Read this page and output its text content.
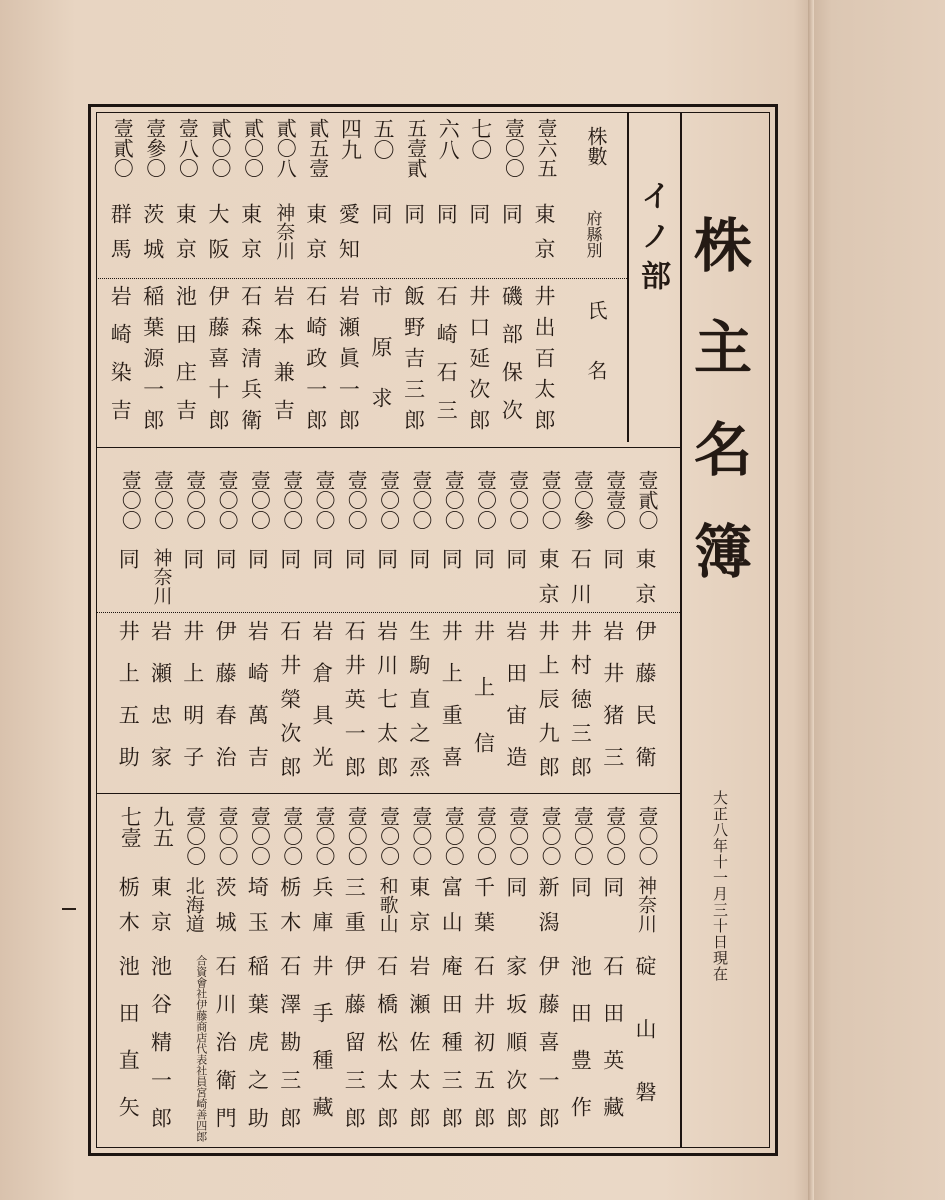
株主名簿
大正八年十一月三十日現在
株數
府縣別
氏名
イノ部
壹六五
東京
井出百太郎
壹〇〇
同
磯部保次
七〇
同
井口延次郎
六八
同
石崎石三
五壹貳
同
飯野吉三郎
五〇
同
市原求
四九
愛知
岩瀬眞一郎
貳五壹
東京
石崎政一郎
貳〇八
神奈川
岩本兼吉
貳〇〇
東京
石森清兵衛
貳〇〇
大阪
伊藤喜十郎
壹八〇
東京
池田庄吉
壹參〇
茨城
稲葉源一郎
壹貳〇
群馬
岩崎染吉
壹貳〇
東京
伊藤民衛
壹壹〇
同
岩井猪三
壹〇參
石川
井村徳三郎
壹〇〇
東京
井上辰九郎
壹〇〇
同
岩田宙造
壹〇〇
同
井上信
壹〇〇
同
井上重喜
壹〇〇
同
生駒直之烝
壹〇〇
同
岩川七太郎
壹〇〇
同
石井英一郎
壹〇〇
同
岩倉具光
壹〇〇
同
石井榮次郎
壹〇〇
同
岩崎萬吉
壹〇〇
同
伊藤春治
壹〇〇
同
井上明子
壹〇〇
神奈川
岩瀬忠家
壹〇〇
同
井上五助
壹〇〇
神奈川
碇山磐
壹〇〇
同
石田英藏
壹〇〇
同
池田豊作
壹〇〇
新潟
伊藤喜一郎
壹〇〇
同
家坂順次郎
壹〇〇
千葉
石井初五郎
壹〇〇
富山
庵田種三郎
壹〇〇
東京
岩瀬佐太郎
壹〇〇
和歌山
石橋松太郎
壹〇〇
三重
伊藤留三郎
壹〇〇
兵庫
井手種藏
壹〇〇
栃木
石澤勘三郎
壹〇〇
埼玉
稲葉虎之助
壹〇〇
茨城
石川治衛門
壹〇〇
北海道
合資會社伊藤商店代表社員宮崎善四郎
九五
東京
池谷精一郎
七壹
栃木
池田直矢
